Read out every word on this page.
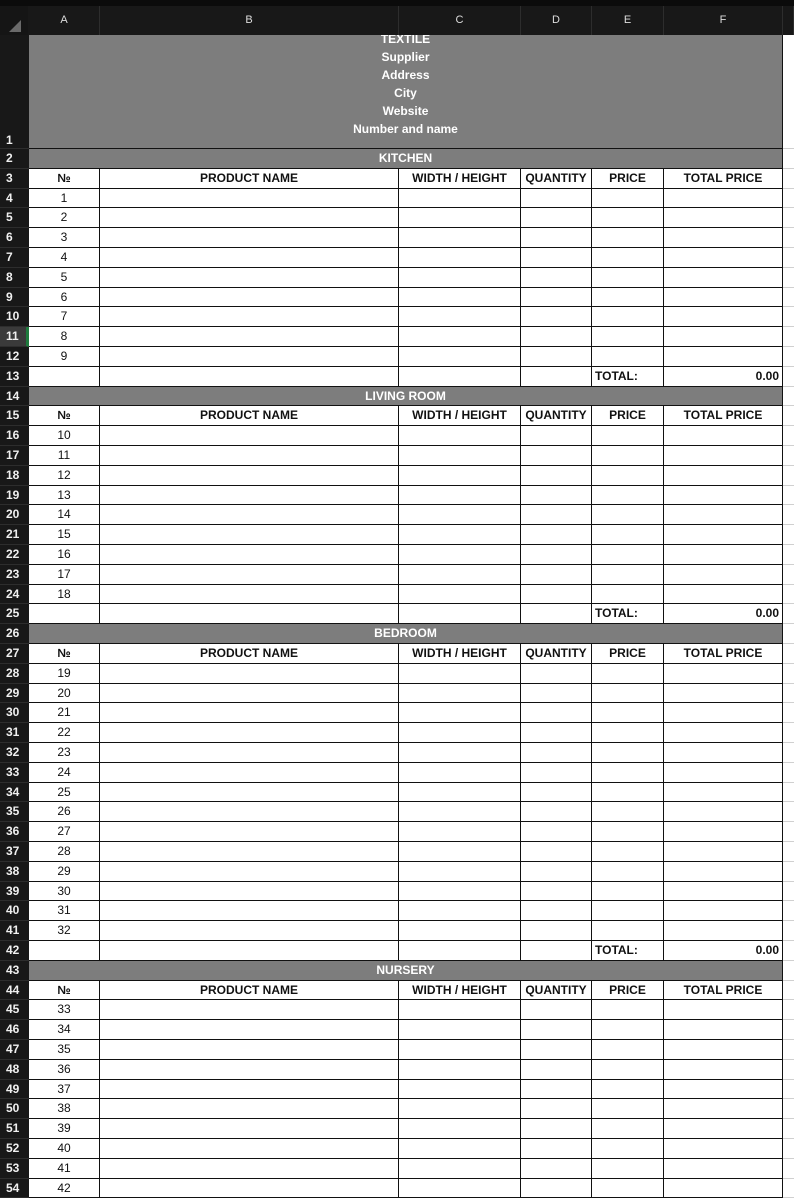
A	B	C	D	E	F
TEXTILE
Supplier
Address
City
Website
Number and name
KITCHEN
№	PRODUCT NAME	WIDTH / HEIGHT	QUANTITY	PRICE	TOTAL PRICE
1
2
3
4
5
6
7
8
9
TOTAL:	0.00
LIVING ROOM
№	PRODUCT NAME	WIDTH / HEIGHT	QUANTITY	PRICE	TOTAL PRICE
10
11
12
13
14
15
16
17
18
TOTAL:	0.00
BEDROOM
№	PRODUCT NAME	WIDTH / HEIGHT	QUANTITY	PRICE	TOTAL PRICE
19
20
21
22
23
24
25
26
27
28
29
30
31
32
TOTAL:	0.00
NURSERY
№	PRODUCT NAME	WIDTH / HEIGHT	QUANTITY	PRICE	TOTAL PRICE
33
34
35
36
37
38
39
40
41
42
1
2
3
4
5
6
7
8
9
10
11
12
13
14
15
16
17
18
19
20
21
22
23
24
25
26
27
28
29
30
31
32
33
34
35
36
37
38
39
40
41
42
43
44
45
46
47
48
49
50
51
52
53
54
